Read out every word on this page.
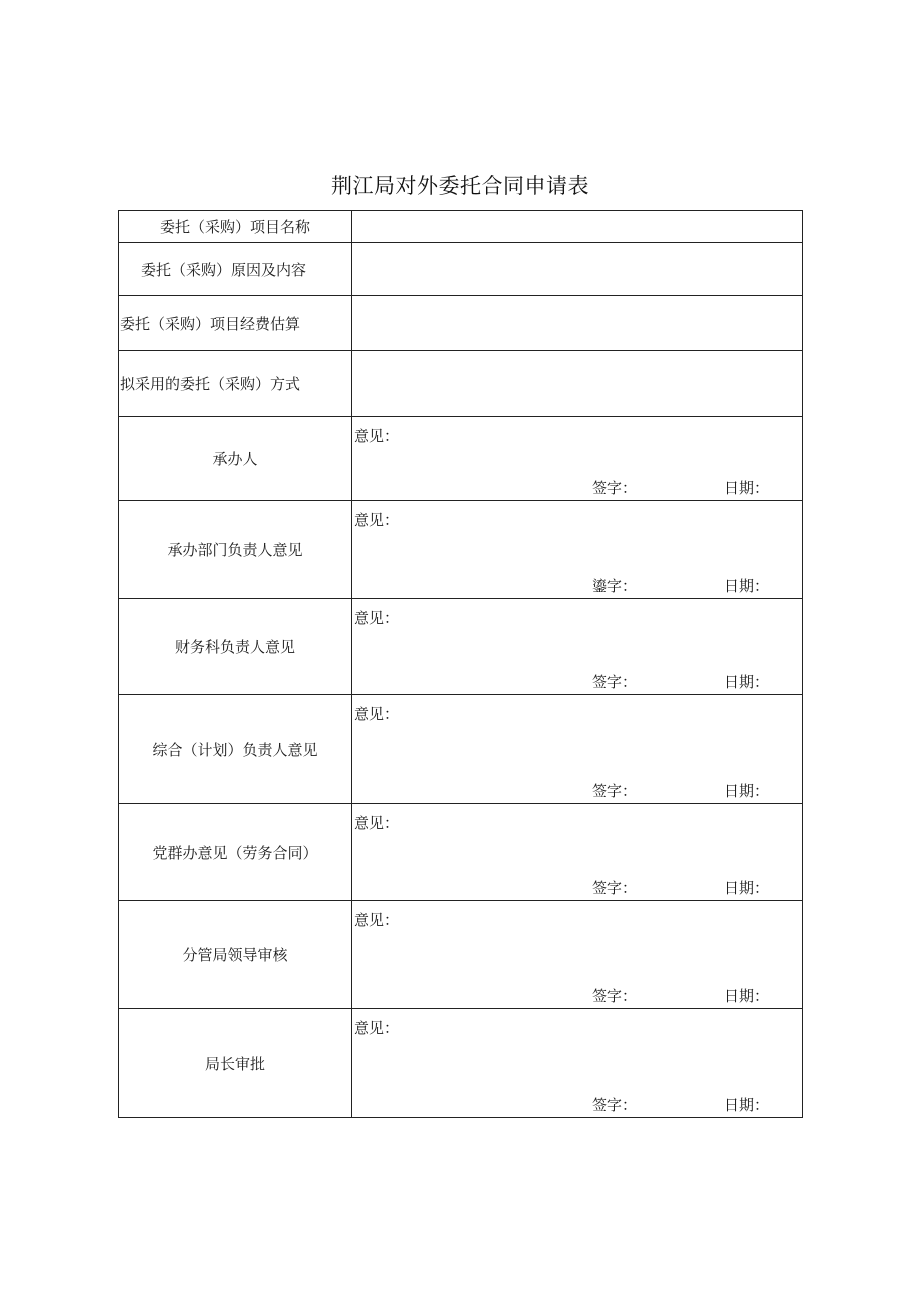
荆江局对外委托合同申请表
委托（采购）项目名称	
委托（采购）原因及内容	
委托（采购）项目经费估算	
拟采用的委托（采购）方式	
承办人	意见：
签字： 日期：

承办部门负责人意见	意见：
鎏字： 日期：

财务科负责人意见	意见：
签字： 日期：

综合（计划）负责人意见	意见：
签字： 日期：

党群办意见（劳务合同）	意见：
签字： 日期：

分管局领导审核	意见：
签字： 日期：

局长审批	意见：
签字： 日期：
